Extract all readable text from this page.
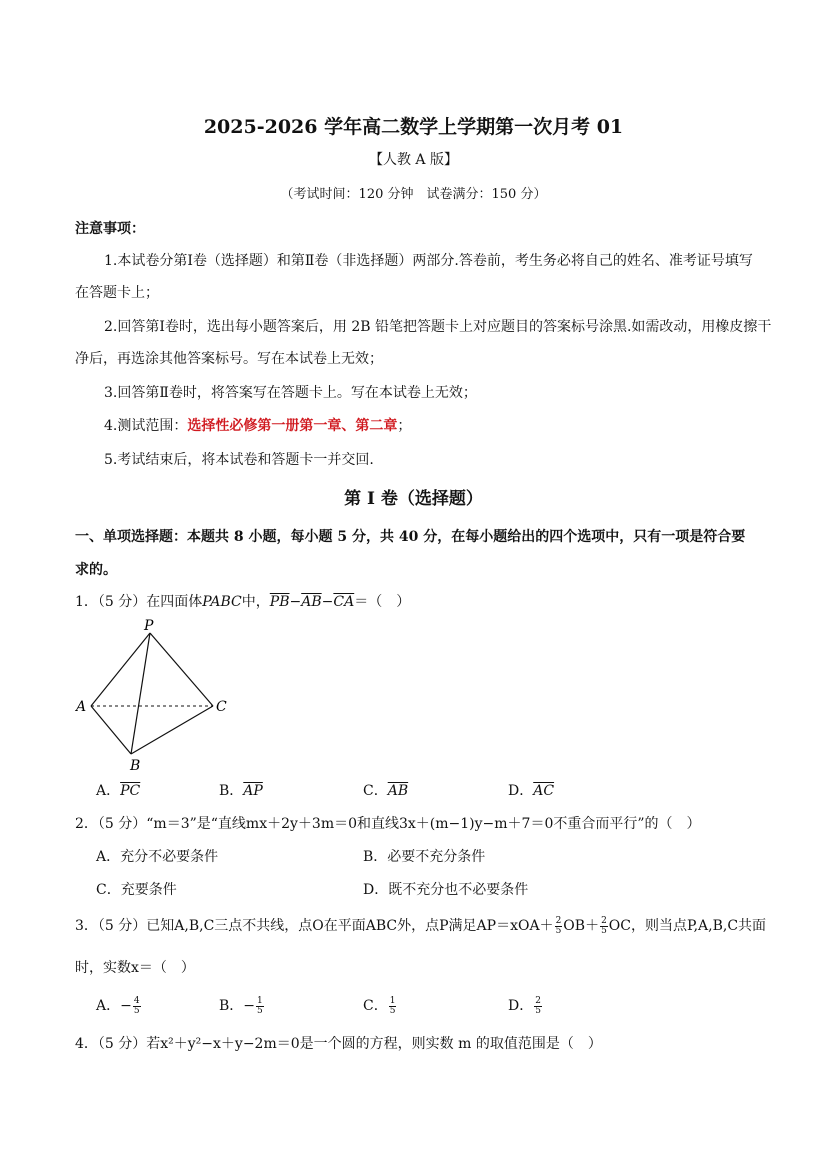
2025-2026 学年高二数学上学期第一次月考 01
【人教 A 版】
（考试时间：120 分钟　试卷满分：150 分）
注意事项：
1.本试卷分第Ⅰ卷（选择题）和第Ⅱ卷（非选择题）两部分.答卷前，考生务必将自己的姓名、准考证号填写
在答题卡上；
2.回答第Ⅰ卷时，选出每小题答案后，用 2B 铅笔把答题卡上对应题目的答案标号涂黑.如需改动，用橡皮擦干
净后，再选涂其他答案标号。写在本试卷上无效；
3.回答第Ⅱ卷时，将答案写在答题卡上。写在本试卷上无效；
4.测试范围：选择性必修第一册第一章、第二章；
5.考试结束后，将本试卷和答题卡一并交回.
第 I 卷（选择题）
一、单项选择题：本题共 8 小题，每小题 5 分，共 40 分，在每小题给出的四个选项中，只有一项是符合要
求的。
1．（5 分）在四面体PABC中，$\overline{PB}-\overline{AB}-\overline{CA}=$（　）
P
A	C
B
A．$\overline{PC}$	B．$\overline{AP}$	C．$\overline{AB}$	D．$\overline{AC}$
2．（5 分）“m＝3”是“直线mx＋2y＋3m＝0和直线3x＋(m−1)y−m＋7＝0不重合而平行”的（　）
A．充分不必要条件	B．必要不充分条件
C．充要条件	D．既不充分也不必要条件
3．（5 分）已知A,B,C三点不共线，点O在平面ABC外，点P满足$AP=xOA+ \frac{2}{5} OB+ \frac{2}{5}$ OC，则当点P,A,B,C共面
时，实数x＝（　）
A．− $\frac{4}{5}$	B．− $\frac{1}{5}$	C． $\frac{1}{5}$	D． $\frac{2}{5}$
4．（5 分）若x²＋y²−x＋y−2m＝0是一个圆的方程，则实数 m 的取值范围是（　）
